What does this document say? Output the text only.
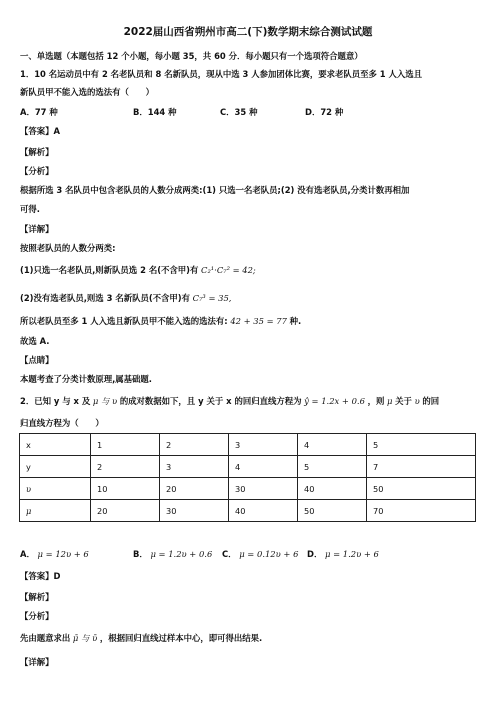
2022届山西省朔州市高二(下)数学期末综合测试试题
一、单选题（本题包括 12 个小题，每小题 35，共 60 分．每小题只有一个选项符合题意）
1．10 名运动员中有 2 名老队员和 8 名新队员，现从中选 3 人参加团体比赛，要求老队员至多 1 人入选且
新队员甲不能入选的选法有（　　）
A．77 种	B．144 种	C．35 种	D．72 种
【答案】A
【解析】
【分析】
根据所选 3 名队员中包含老队员的人数分成两类:(1) 只选一名老队员;(2) 没有选老队员,分类计数再相加
可得.
【详解】
按照老队员的人数分两类:
(1)只选一名老队员,则新队员选 2 名(不含甲)有 C₂¹·C₇² = 42;
(2)没有选老队员,则选 3 名新队员(不含甲)有 C₇³ = 35,
所以老队员至多 1 人入选且新队员甲不能入选的选法有: 42 + 35 = 77 种.
故选 A.
【点睛】
本题考查了分类计数原理,属基础题.
2．已知 y 与 x 及 μ 与 υ 的成对数据如下，且 y 关于 x 的回归直线方程为 ŷ = 1.2x + 0.6 ，则 μ 关于 υ 的回
归直线方程为（　　）
x	1	2	3	4	5
y	2	3	4	5	7
υ	10	20	30	40	50
μ	20	30	40	50	70
A． μ = 12υ + 6	B． μ = 1.2υ + 0.6 C． μ = 0.12υ + 6 D． μ = 1.2υ + 6
【答案】D
【解析】
【分析】
先由题意求出 μ̄ 与 ῡ ，根据回归直线过样本中心，即可得出结果.
【详解】
